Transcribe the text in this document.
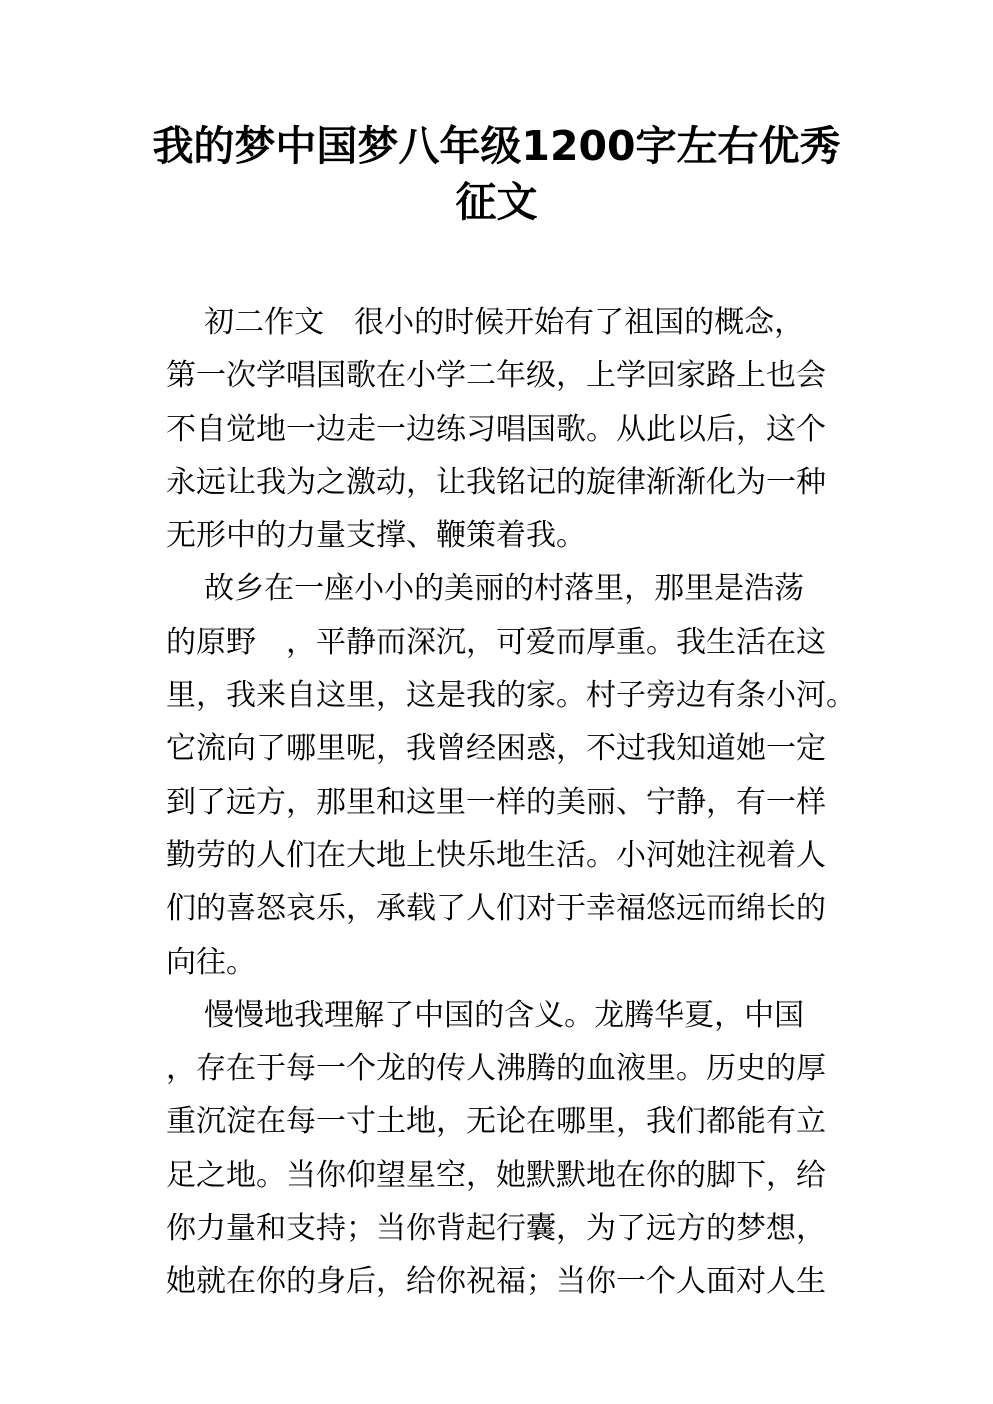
我的梦中国梦八年级1200字左右优秀
征文
初二作文　很小的时候开始有了祖国的概念，
第一次学唱国歌在小学二年级，上学回家路上也会
不自觉地一边走一边练习唱国歌。从此以后，这个
永远让我为之激动，让我铭记的旋律渐渐化为一种
无形中的力量支撑、鞭策着我。
故乡在一座小小的美丽的村落里，那里是浩荡
的原野　，平静而深沉，可爱而厚重。我生活在这
里，我来自这里，这是我的家。村子旁边有条小河。
它流向了哪里呢，我曾经困惑，不过我知道她一定
到了远方，那里和这里一样的美丽、宁静，有一样
勤劳的人们在大地上快乐地生活。小河她注视着人
们的喜怒哀乐，承载了人们对于幸福悠远而绵长的
向往。
慢慢地我理解了中国的含义。龙腾华夏，中国
，存在于每一个龙的传人沸腾的血液里。历史的厚
重沉淀在每一寸土地，无论在哪里，我们都能有立
足之地。当你仰望星空，她默默地在你的脚下，给
你力量和支持；当你背起行囊，为了远方的梦想，
她就在你的身后，给你祝福；当你一个人面对人生
